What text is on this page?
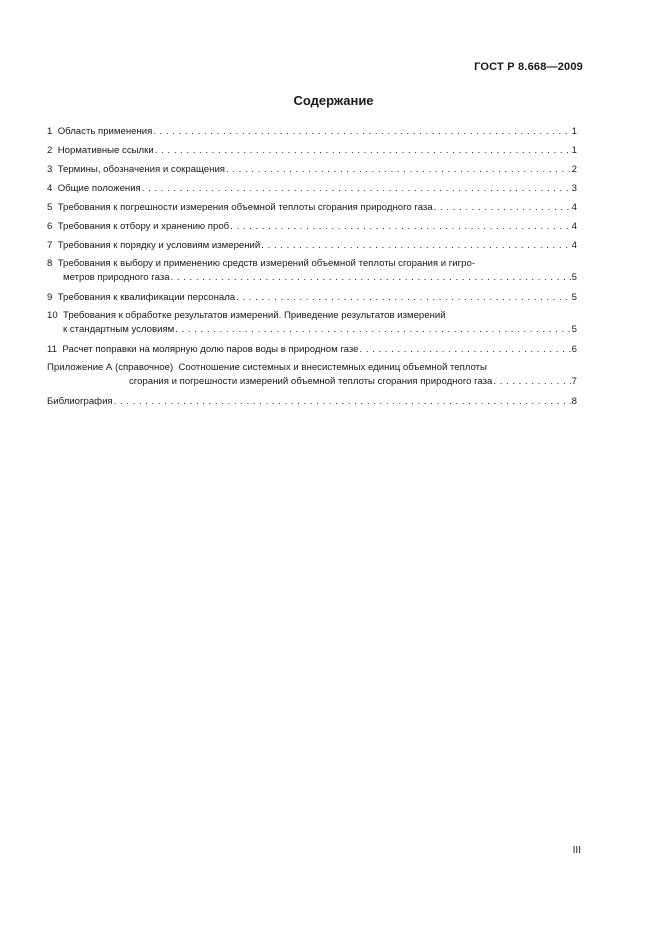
ГОСТ Р 8.668—2009
Содержание
1 Область применения . . .	1
2 Нормативные ссылки . . .	1
3 Термины, обозначения и сокращения . . .	2
4 Общие положения . . .	3
5 Требования к погрешности измерения объемной теплоты сгорания природного газа . . .	4
6 Требования к отбору и хранению проб . . .	4
7 Требования к порядку и условиям измерений . . .	4
8 Требования к выбору и применению средств измерений объемной теплоты сгорания и гигро-
метров природного газа . . .	5
9 Требования к квалификации персонала . . .	5
10 Требования к обработке результатов измерений. Приведение результатов измерений
к стандартным условиям . . .	5
11 Расчет поправки на молярную долю паров воды в природном газе . . .	6
Приложение А (справочное)
Соотношение системных и внесистемных единиц объемной теплоты
сгорания и погрешности измерений объемной теплоты сгорания природного газа . . .	7
Библиография . . .	8
III
